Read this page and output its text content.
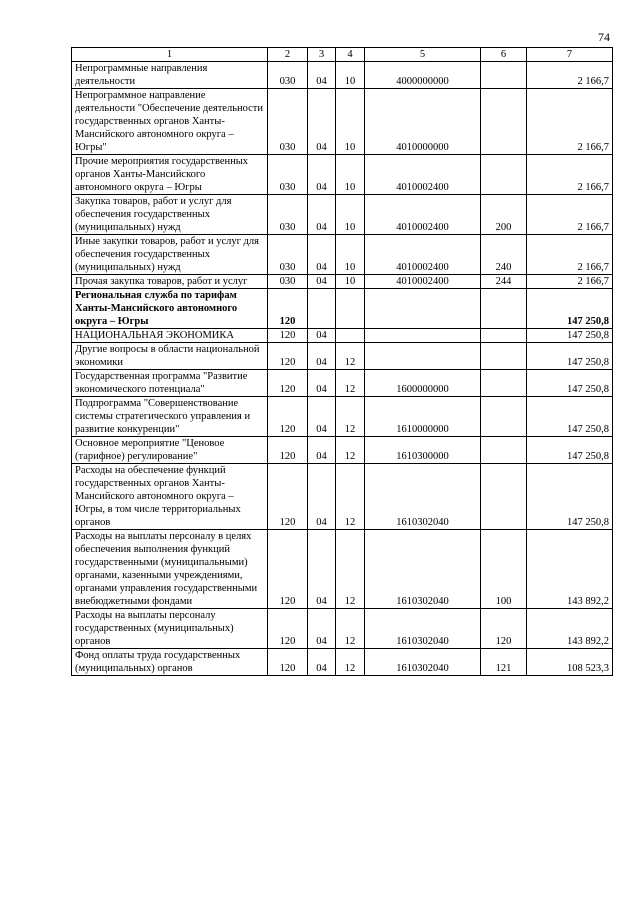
74
1	2	3	4	5	6	7
Непрограммные направления деятельности	030	04	10	4000000000		2 166,7
Непрограммное направление деятельности "Обеспечение деятельности государственных органов Ханты-Мансийского автономного округа – Югры"	030	04	10	4010000000		2 166,7
Прочие мероприятия государственных органов Ханты-Мансийского автономного округа – Югры	030	04	10	4010002400		2 166,7
Закупка товаров, работ и услуг для обеспечения государственных (муниципальных) нужд	030	04	10	4010002400	200	2 166,7
Иные закупки товаров, работ и услуг для обеспечения государственных (муниципальных) нужд	030	04	10	4010002400	240	2 166,7
Прочая закупка товаров, работ и услуг	030	04	10	4010002400	244	2 166,7
Региональная служба по тарифам Ханты-Мансийского автономного округа – Югры	120					147 250,8
НАЦИОНАЛЬНАЯ ЭКОНОМИКА	120	04				147 250,8
Другие вопросы в области национальной экономики	120	04	12			147 250,8
Государственная программа "Развитие экономического потенциала"	120	04	12	1600000000		147 250,8
Подпрограмма "Совершенствование системы стратегического управления и развитие конкуренции"	120	04	12	1610000000		147 250,8
Основное мероприятие "Ценовое (тарифное) регулирование"	120	04	12	1610300000		147 250,8
Расходы на обеспечение функций государственных органов Ханты-Мансийского автономного округа – Югры, в том числе территориальных органов	120	04	12	1610302040		147 250,8
Расходы на выплаты персоналу в целях обеспечения выполнения функций государственными (муниципальными) органами, казенными учреждениями, органами управления государственными внебюджетными фондами	120	04	12	1610302040	100	143 892,2
Расходы на выплаты персоналу государственных (муниципальных) органов	120	04	12	1610302040	120	143 892,2
Фонд оплаты труда государственных (муниципальных) органов	120	04	12	1610302040	121	108 523,3
